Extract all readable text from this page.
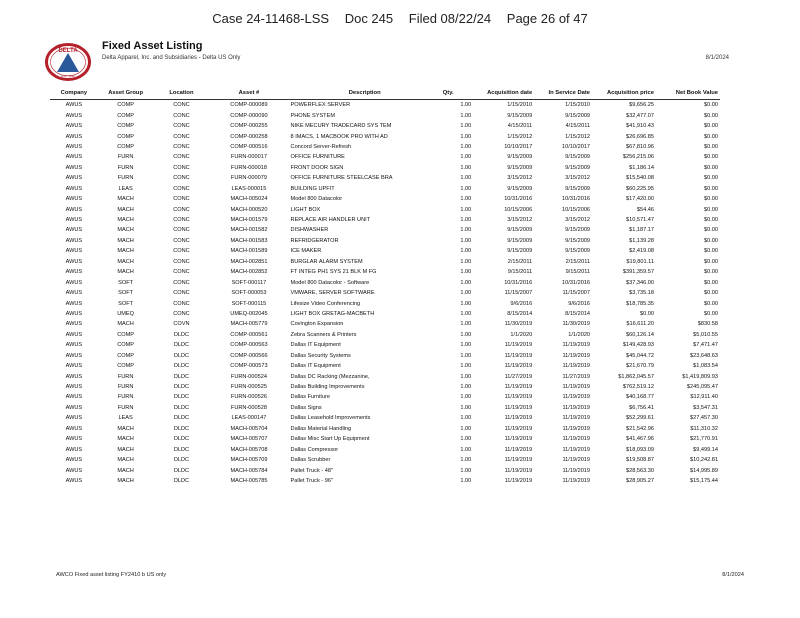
Case 24-11468-LSS Doc 245 Filed 08/22/24 Page 26 of 47
DELTA
EST. 1990
Fixed Asset Listing
Delta Apparel, Inc. and Subsidiaries - Delta US Only	8/1/2024
Company	Asset Group	Location	Asset #	Description	Qty.	Acquisition date	In Service Date	Acquisition price	Net Book Value
AWUS	COMP	CONC	COMP-000089	POWERFLEX SERVER	1.00	1/15/2010	1/15/2010	$9,656.25	$0.00
AWUS	COMP	CONC	COMP-000090	PHONE SYSTEM	1.00	9/15/2009	9/15/2009	$32,477.07	$0.00
AWUS	COMP	CONC	COMP-000255	NIKE MECURY TRADECARD SYS TEM	1.00	4/15/2011	4/15/2011	$41,910.43	$0.00
AWUS	COMP	CONC	COMP-000258	8 IMACS, 1 MACBOOK PRO WITH AD	1.00	1/15/2012	1/15/2012	$26,696.85	$0.00
AWUS	COMP	CONC	COMP-000516	Concord Server-Refresh	1.00	10/10/2017	10/10/2017	$67,810.96	$0.00
AWUS	FURN	CONC	FURN-000017	OFFICE FURNITURE	1.00	9/15/2009	9/15/2009	$256,215.06	$0.00
AWUS	FURN	CONC	FURN-000018	FRONT DOOR SIGN	1.00	9/15/2009	9/15/2009	$1,186.14	$0.00
AWUS	FURN	CONC	FURN-000079	OFFICE FURNITURE STEELCASE BRA	1.00	3/15/2012	3/15/2012	$15,540.08	$0.00
AWUS	LEAS	CONC	LEAS-000015	BUILDING UPFIT	1.00	9/15/2009	9/15/2009	$60,225.95	$0.00
AWUS	MACH	CONC	MACH-005024	Model 800 Datacolor	1.00	10/31/2016	10/31/2016	$17,420.00	$0.00
AWUS	MACH	CONC	MACH-000520	LIGHT BOX	1.00	10/15/2006	10/15/2006	$54.46	$0.00
AWUS	MACH	CONC	MACH-001579	REPLACE AIR HANDLER UNIT	1.00	3/15/2012	3/15/2012	$10,571.47	$0.00
AWUS	MACH	CONC	MACH-001582	DISHWASHER	1.00	9/15/2009	9/15/2009	$1,187.17	$0.00
AWUS	MACH	CONC	MACH-001583	REFRIDGERATOR	1.00	9/15/2009	9/15/2009	$1,139.28	$0.00
AWUS	MACH	CONC	MACH-001589	ICE MAKER	1.00	9/15/2009	9/15/2009	$2,419.08	$0.00
AWUS	MACH	CONC	MACH-002851	BURGLAR ALARM SYSTEM	1.00	2/15/2011	2/15/2011	$19,801.11	$0.00
AWUS	MACH	CONC	MACH-002852	FT INTEG PH1 SYS 21 BLK M FG	1.00	9/15/2011	9/15/2011	$391,359.57	$0.00
AWUS	SOFT	CONC	SOFT-000117	Model 800 Datacolor - Software	1.00	10/31/2016	10/31/2016	$37,346.00	$0.00
AWUS	SOFT	CONC	SOFT-000053	VMWARE, SERVER SOFTWARE	1.00	11/15/2007	11/15/2007	$3,735.18	$0.00
AWUS	SOFT	CONC	SOFT-000115	Lifesize Video Conferencing	1.00	9/6/2016	9/6/2016	$18,785.35	$0.00
AWUS	UMEQ	CONC	UMEQ-002045	LIGHT BOX GRETAG-MACBETH	1.00	8/15/2014	8/15/2014	$0.00	$0.00
AWUS	MACH	COVN	MACH-005779	Covington Expansion	1.00	11/30/2019	11/30/2019	$16,611.20	$830.58
AWUS	COMP	DLDC	COMP-000561	Zebra Scanners & Printers	1.00	1/1/2020	1/1/2020	$60,126.14	$5,010.55
AWUS	COMP	DLDC	COMP-000563	Dallas IT Equipment	1.00	11/19/2019	11/19/2019	$149,428.93	$7,471.47
AWUS	COMP	DLDC	COMP-000566	Dallas Security Systems	1.00	11/19/2019	11/19/2019	$45,044.72	$23,648.63
AWUS	COMP	DLDC	COMP-000573	Dallas IT Equipment	1.00	11/19/2019	11/19/2019	$21,670.79	$1,083.54
AWUS	FURN	DLDC	FURN-000524	Dallas DC Racking (Mezzanine,	1.00	11/27/2019	11/27/2019	$1,862,045.57	$1,419,809.93
AWUS	FURN	DLDC	FURN-000525	Dallas Building Improvements	1.00	11/19/2019	11/19/2019	$762,519.12	$245,095.47
AWUS	FURN	DLDC	FURN-000526	Dallas Furniture	1.00	11/19/2019	11/19/2019	$40,168.77	$12,911.40
AWUS	FURN	DLDC	FURN-000528	Dallas Signs	1.00	11/19/2019	11/19/2019	$6,756.41	$3,547.31
AWUS	LEAS	DLDC	LEAS-000147	Dallas Leasehold Improvements	1.00	11/19/2019	11/19/2019	$52,299.61	$27,457.30
AWUS	MACH	DLDC	MACH-005704	Dallas Material Handling	1.00	11/19/2019	11/19/2019	$21,542.96	$11,310.32
AWUS	MACH	DLDC	MACH-005707	Dallas Misc Start Up Equipment	1.00	11/19/2019	11/19/2019	$41,467.96	$21,770.91
AWUS	MACH	DLDC	MACH-005708	Dallas Compressor	1.00	11/19/2019	11/19/2019	$18,093.09	$9,499.14
AWUS	MACH	DLDC	MACH-005709	Dallas Scrubber	1.00	11/19/2019	11/19/2019	$19,508.87	$10,242.81
AWUS	MACH	DLDC	MACH-005784	Pallet Truck - 48"	1.00	11/19/2019	11/19/2019	$28,563.30	$14,995.89
AWUS	MACH	DLDC	MACH-005785	Pallet Truck - 96"	1.00	11/19/2019	11/19/2019	$28,905.27	$15,175.44
AWCO Fixed asset listing FY2410 b US only	8/1/2024
